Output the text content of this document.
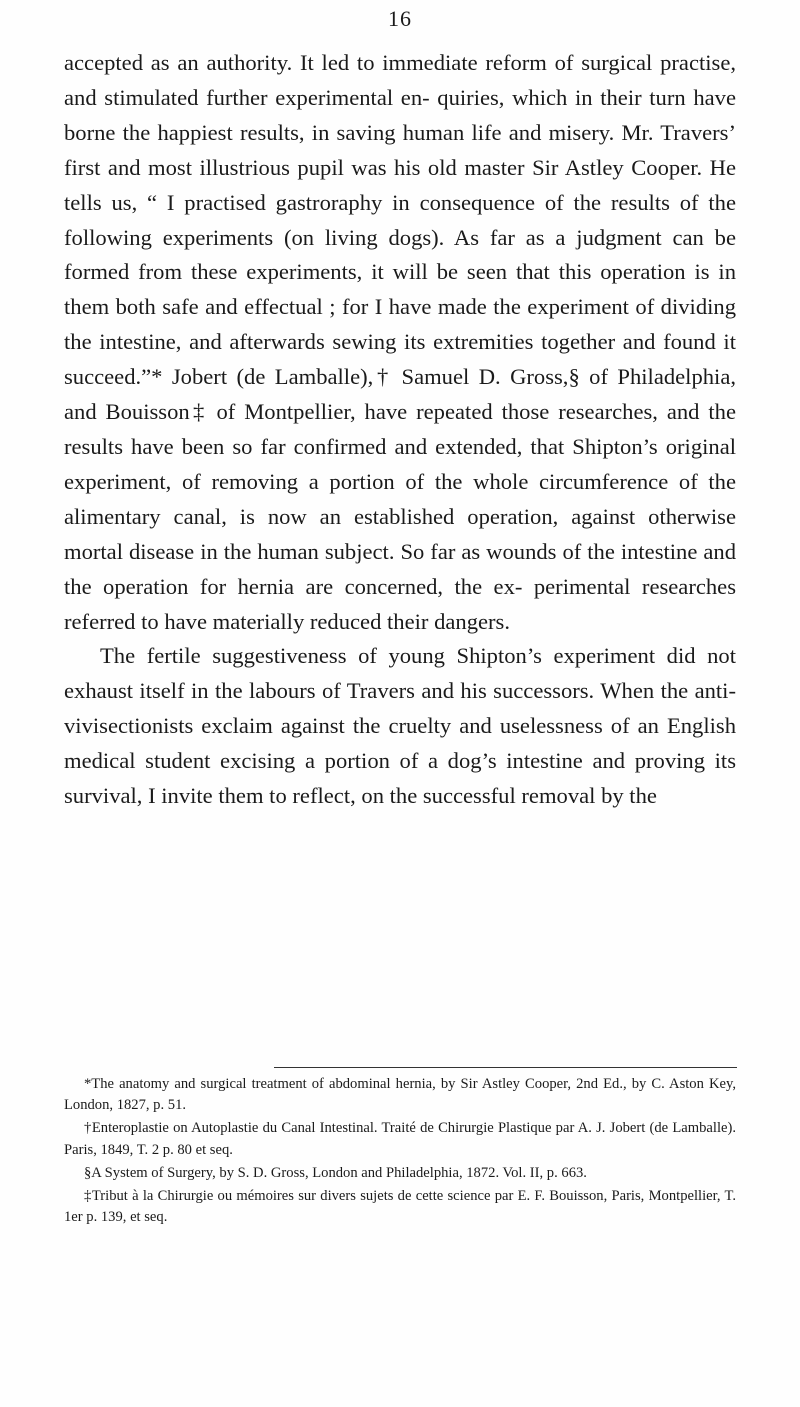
16

accepted as an authority. It led to immediate reform of surgical practise, and stimulated further experimental en- quiries, which in their turn have borne the happiest results, in saving human life and misery. Mr. Travers’ first and most illustrious pupil was his old master Sir Astley Cooper. He tells us, “ I practised gastroraphy in consequence of the results of the following experiments (on living dogs). As far as a judgment can be formed from these experiments, it will be seen that this operation is in them both safe and effectual ; for I have made the experiment of dividing the intestine, and afterwards sewing its extremities together and found it succeed.”* Jobert (de Lamballe),† Samuel D. Gross,§ of Philadelphia, and Bouisson‡ of Montpellier, have repeated those researches, and the results have been so far confirmed and extended, that Shipton’s original experiment, of removing a portion of the whole circumference of the alimentary canal, is now an established operation, against otherwise mortal disease in the human subject. So far as wounds of the intestine and the operation for hernia are concerned, the ex- perimental researches referred to have materially reduced their dangers.

The fertile suggestiveness of young Shipton’s experiment did not exhaust itself in the labours of Travers and his successors. When the anti-vivisectionists exclaim against the cruelty and uselessness of an English medical student excising a portion of a dog’s intestine and proving its survival, I invite them to reflect, on the successful removal by the

*The anatomy and surgical treatment of abdominal hernia, by Sir Astley Cooper, 2nd Ed., by C. Aston Key, London, 1827, p. 51.

†Enteroplastie on Autoplastie du Canal Intestinal. Traité de Chirurgie Plastique par A. J. Jobert (de Lamballe). Paris, 1849, T. 2 p. 80 et seq.

§A System of Surgery, by S. D. Gross, London and Philadelphia, 1872. Vol. II, p. 663.

‡Tribut à la Chirurgie ou mémoires sur divers sujets de cette science par E. F. Bouisson, Paris, Montpellier, T. 1er p. 139, et seq.
